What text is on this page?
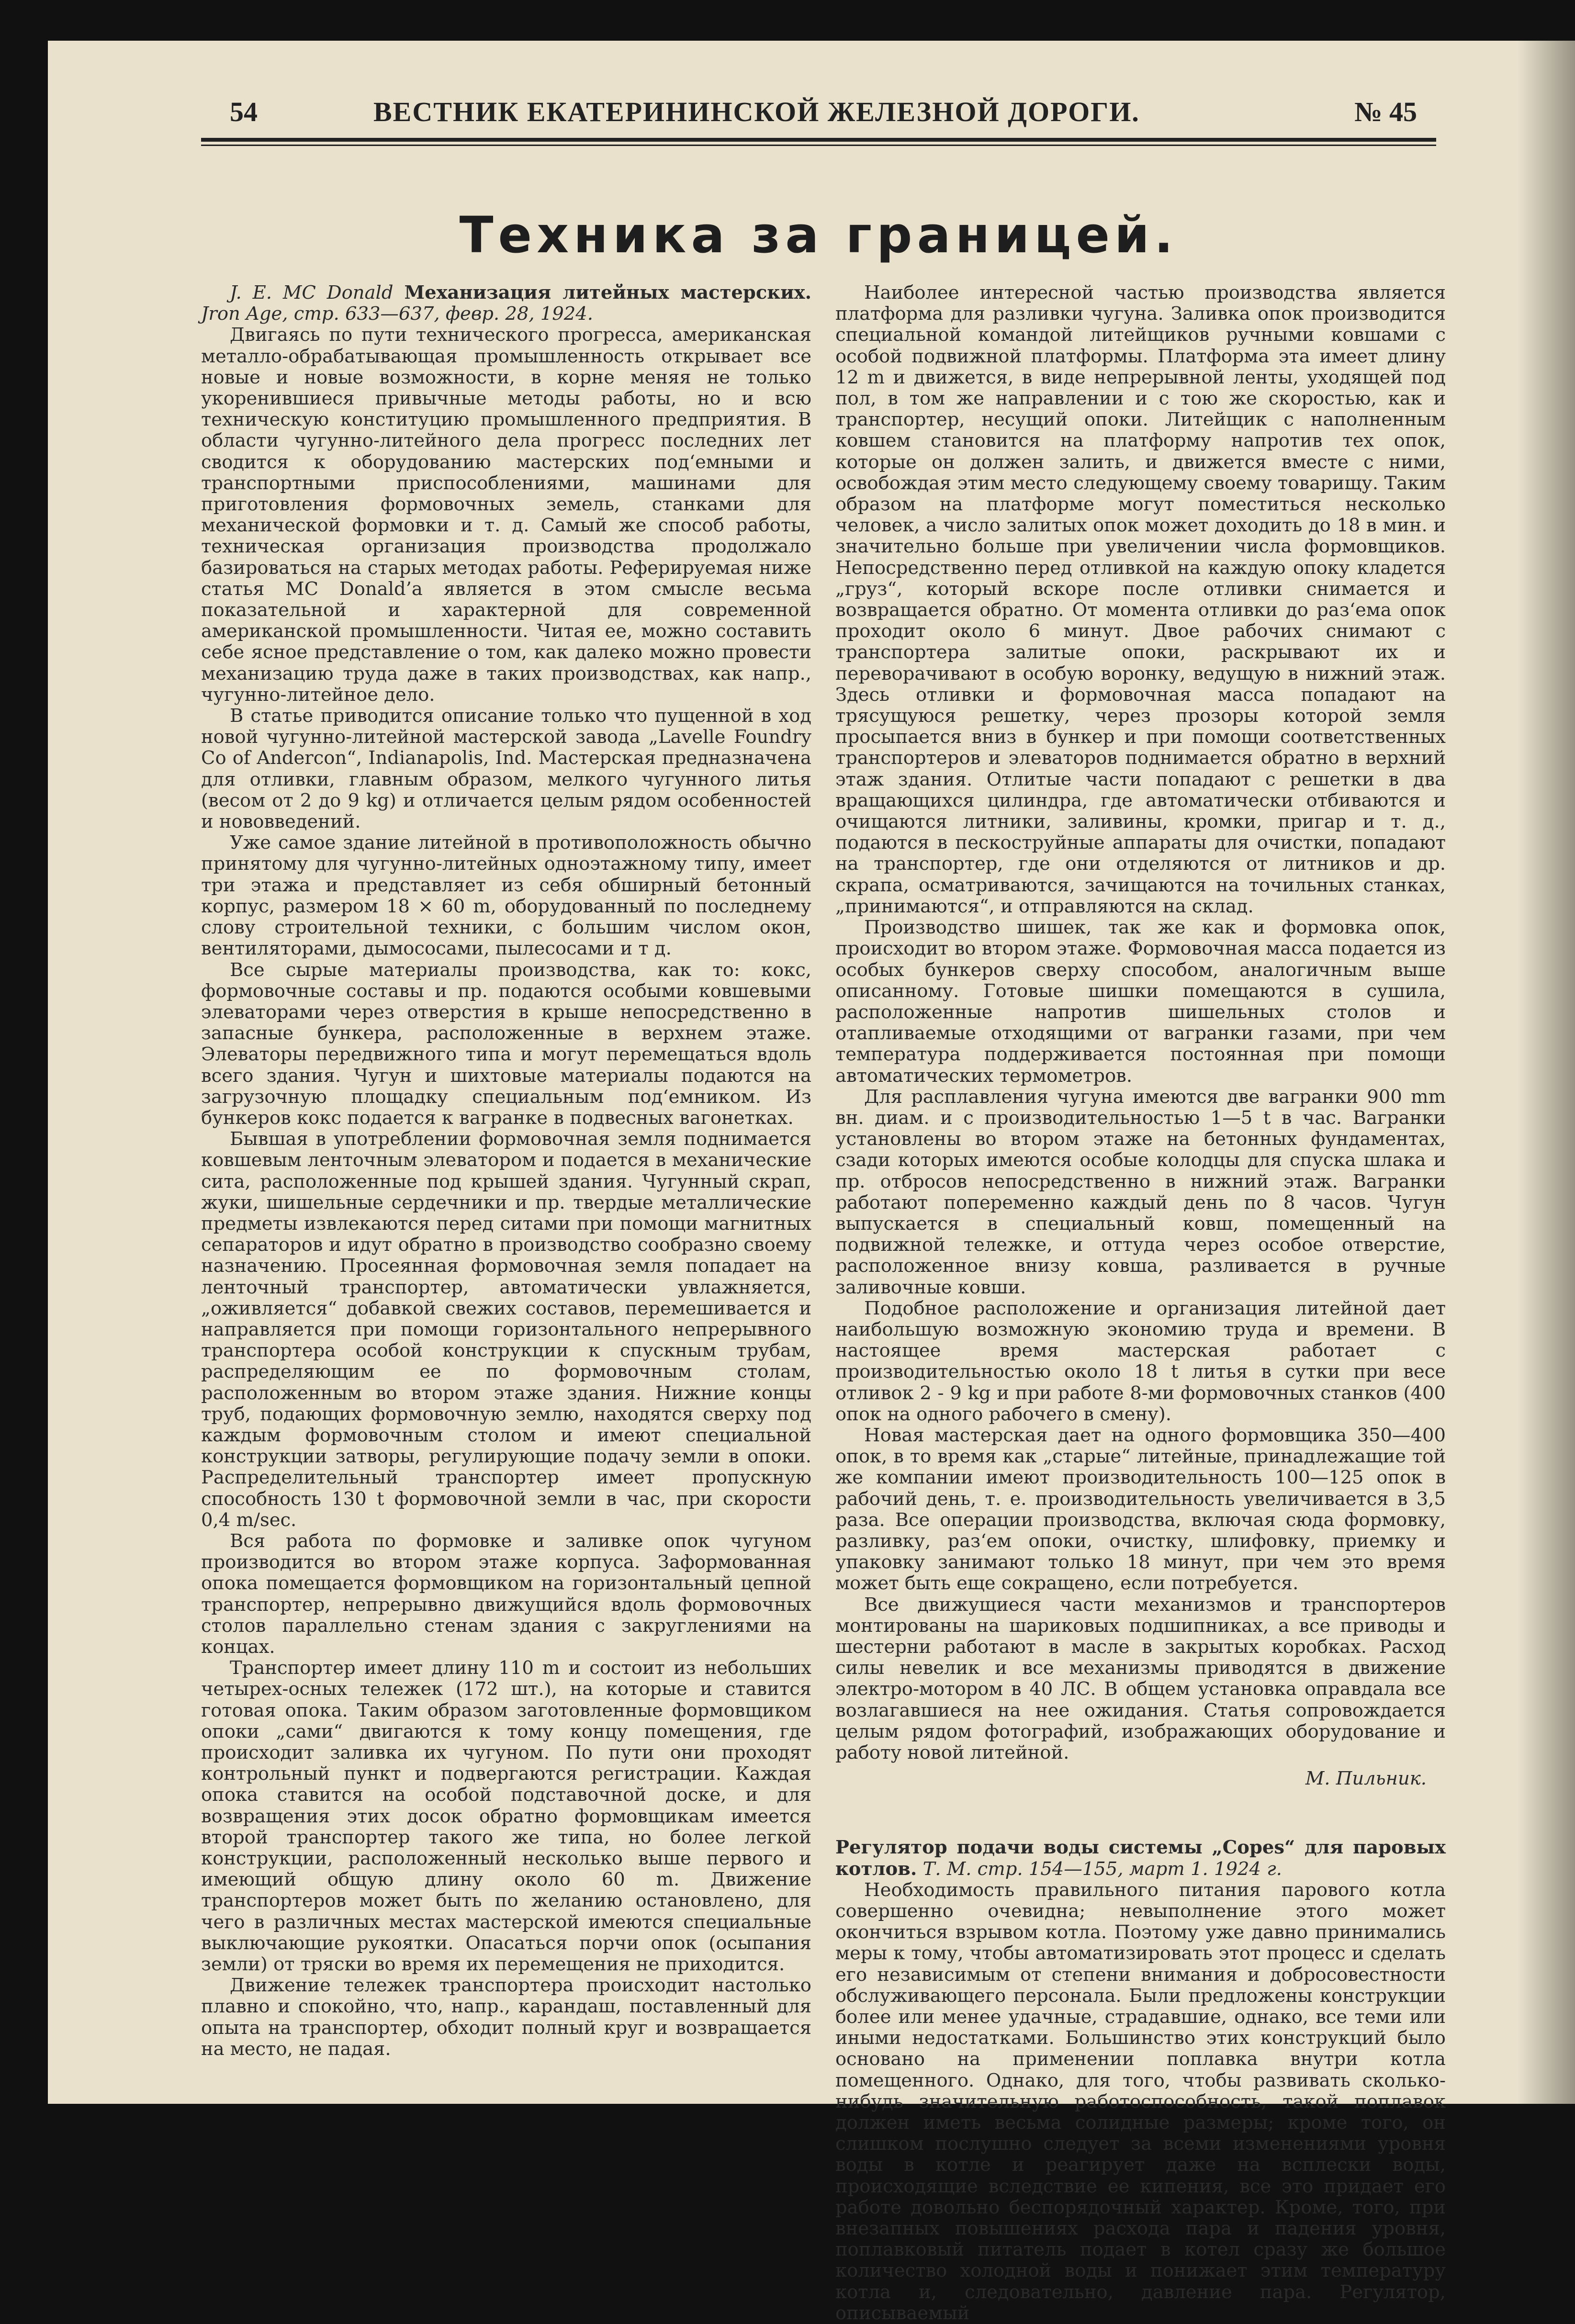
54	ВЕСТНИК ЕКАТЕРИНИНСКОЙ ЖЕЛЕЗНОЙ ДОРОГИ.	№ 45
Техника за границей.

J. E. MC Donald Механизация литейных мастерских. Jron Age, стр. 633—637, февр. 28, 1924.

Двигаясь по пути технического прогресса, американская металло-обрабатывающая промышленность открывает все новые и новые возможности, в корне меняя не только укоренившиеся привычные методы работы, но и всю техническую конституцию промышленного предприятия. В области чугунно-литейного дела прогресс последних лет сводится к оборудованию мастерских под‘емными и транспортными приспособлениями, машинами для приготовления формовочных земель, станками для механической формовки и т. д. Самый же способ работы, техническая организация производства продолжало базироваться на старых методах работы. Реферируемая ниже статья MC Donald’a является в этом смысле весьма показательной и характерной для современной американской промышленности. Читая ее, можно составить себе ясное представление о том, как далеко можно провести механизацию труда даже в таких производствах, как напр., чугунно-литейное дело.

В статье приводится описание только что пущенной в ход новой чугунно-литейной мастерской завода „Lavelle Foundry Co of Andercon“, Indianapolis, Ind. Мастерская предназначена для отливки, главным образом, мелкого чугунного литья (весом от 2 до 9 kg) и отличается целым рядом особенностей и нововведений.

Уже самое здание литейной в противоположность обычно принятому для чугунно-литейных одноэтажному типу, имеет три этажа и представляет из себя обширный бетонный корпус, размером 18 × 60 m, оборудованный по последнему слову строительной техники, с большим числом окон, вентиляторами, дымососами, пылесосами и т д.

Все сырые материалы производства, как то: кокс, формовочные составы и пр. подаются особыми ковшевыми элеваторами через отверстия в крыше непосредственно в запасные бункера, расположенные в верхнем этаже. Элеваторы передвижного типа и могут перемещаться вдоль всего здания. Чугун и шихтовые материалы подаются на загрузочную площадку специальным под‘емником. Из бункеров кокс подается к вагранке в подвесных вагонетках.

Бывшая в употреблении формовочная земля поднимается ковшевым ленточным элеватором и подается в механические сита, расположенные под крышей здания. Чугунный скрап, жуки, шишельные сердечники и пр. твердые металлические предметы извлекаются перед ситами при помощи магнитных сепараторов и идут обратно в производство сообразно своему назначению. Просеянная формовочная земля попадает на ленточный транспортер, автоматически увлажняется, „оживляется“ добавкой свежих составов, перемешивается и направляется при помощи горизонтального непрерывного транспортера особой конструкции к спускным трубам, распределяющим ее по формовочным столам, расположенным во втором этаже здания. Нижние концы труб, подающих формовочную землю, находятся сверху под каждым формовочным столом и имеют специальной конструкции затворы, регулирующие подачу земли в опоки. Распределительный транспортер имеет пропускную способность 130 t формовочной земли в час, при скорости 0,4 m/sec.

Вся работа по формовке и заливке опок чугуном производится во втором этаже корпуса. Заформованная опока помещается формовщиком на горизонтальный цепной транспортер, непрерывно движущийся вдоль формовочных столов параллельно стенам здания с закруглениями на концах.

Транспортер имеет длину 110 m и состоит из небольших четырех-осных тележек (172 шт.), на которые и ставится готовая опока. Таким образом заготовленные формовщиком опоки „сами“ двигаются к тому концу помещения, где происходит заливка их чугуном. По пути они проходят контрольный пункт и подвергаются регистрации. Каждая опока ставится на особой подставочной доске, и для возвращения этих досок обратно формовщикам имеется второй транспортер такого же типа, но более легкой конструкции, расположенный несколько выше первого и имеющий общую длину около 60 m. Движение транспортеров может быть по желанию остановлено, для чего в различных местах мастерской имеются специальные выключающие рукоятки. Опасаться порчи опок (осыпания земли) от тряски во время их перемещения не приходится.

Движение тележек транспортера происходит настолько плавно и спокойно, что, напр., карандаш, поставленный для опыта на транспортер, обходит полный круг и возвращается на место, не падая.

Наиболее интересной частью производства является платформа для разливки чугуна. Заливка опок производится специальной командой литейщиков ручными ковшами с особой подвижной платформы. Платформа эта имеет длину 12 m и движется, в виде непрерывной ленты, уходящей под пол, в том же направлении и с тою же скоростью, как и транспортер, несущий опоки. Литейщик с наполненным ковшем становится на платформу напротив тех опок, которые он должен залить, и движется вместе с ними, освобождая этим место следующему своему товарищу. Таким образом на платформе могут поместиться несколько человек, а число залитых опок может доходить до 18 в мин. и значительно больше при увеличении числа формовщиков. Непосредственно перед отливкой на каждую опоку кладется „груз“, который вскоре после отливки снимается и возвращается обратно. От момента отливки до раз‘ема опок проходит около 6 минут. Двое рабочих снимают с транспортера залитые опоки, раскрывают их и переворачивают в особую воронку, ведущую в нижний этаж. Здесь отливки и формовочная масса попадают на трясущуюся решетку, через прозоры которой земля просыпается вниз в бункер и при помощи соответственных транспортеров и элеваторов поднимается обратно в верхний этаж здания. Отлитые части попадают с решетки в два вращающихся цилиндра, где автоматически отбиваются и очищаются литники, заливины, кромки, пригар и т. д., подаются в пескоструйные аппараты для очистки, попадают на транспортер, где они отделяются от литников и др. скрапа, осматриваются, зачищаются на точильных станках, „принимаются“, и отправляются на склад.

Производство шишек, так же как и формовка опок, происходит во втором этаже. Формовочная масса подается из особых бункеров сверху способом, аналогичным выше описанному. Готовые шишки помещаются в сушила, расположенные напротив шишельных столов и отапливаемые отходящими от вагранки газами, при чем температура поддерживается постоянная при помощи автоматических термометров.

Для расплавления чугуна имеются две вагранки 900 mm вн. диам. и с производительностью 1—5 t в час. Вагранки установлены во втором этаже на бетонных фундаментах, сзади которых имеются особые колодцы для спуска шлака и пр. отбросов непосредственно в нижний этаж. Вагранки работают попеременно каждый день по 8 часов. Чугун выпускается в специальный ковш, помещенный на подвижной тележке, и оттуда через особое отверстие, расположенное внизу ковша, разливается в ручные заливочные ковши.

Подобное расположение и организация литейной дает наибольшую возможную экономию труда и времени. В настоящее время мастерская работает с производительностью около 18 t литья в сутки при весе отливок 2 - 9 kg и при работе 8-ми формовочных станков (400 опок на одного рабочего в смену).

Новая мастерская дает на одного формовщика 350—400 опок, в то время как „старые“ литейные, принадлежащие той же компании имеют производительность 100—125 опок в рабочий день, т. е. производительность увеличивается в 3,5 раза. Все операции производства, включая сюда формовку, разливку, раз‘ем опоки, очистку, шлифовку, приемку и упаковку занимают только 18 минут, при чем это время может быть еще сокращено, если потребуется.

Все движущиеся части механизмов и транспортеров монтированы на шариковых подшипниках, а все приводы и шестерни работают в масле в закрытых коробках. Расход силы невелик и все механизмы приводятся в движение электро-мотором в 40 ЛС. В общем установка оправдала все возлагавшиеся на нее ожидания. Статья сопровождается целым рядом фотографий, изображающих оборудование и работу новой литейной.

М. Пильник.

Регулятор подачи воды системы „Copes“ для паровых котлов. Т. М. стр. 154—155, март 1. 1924 г.

Необходимость правильного питания парового котла совершенно очевидна; невыполнение этого может окончиться взрывом котла. Поэтому уже давно принимались меры к тому, чтобы автоматизировать этот процесс и сделать его независимым от степени внимания и добросовестности обслуживающего персонала. Были предложены конструкции более или менее удачные, страдавшие, однако, все теми или иными недостатками. Большинство этих конструкций было основано на применении поплавка внутри котла помещенного. Однако, для того, чтобы развивать сколько-нибудь значительную работоспособность, такой поплавок должен иметь весьма солидные размеры; кроме того, он слишком послушно следует за всеми изменениями уровня воды в котле и реагирует даже на всплески воды, происходящие вследствие ее кипения, все это придает его работе довольно беспорядочный характер. Кроме, того, при внезапных повышениях расхода пара и падения уровня, поплавковый питатель подает в котел сразу же большое количество холодной воды и понижает этим температуру котла и, следовательно, давление пара. Регулятор, описываемый
